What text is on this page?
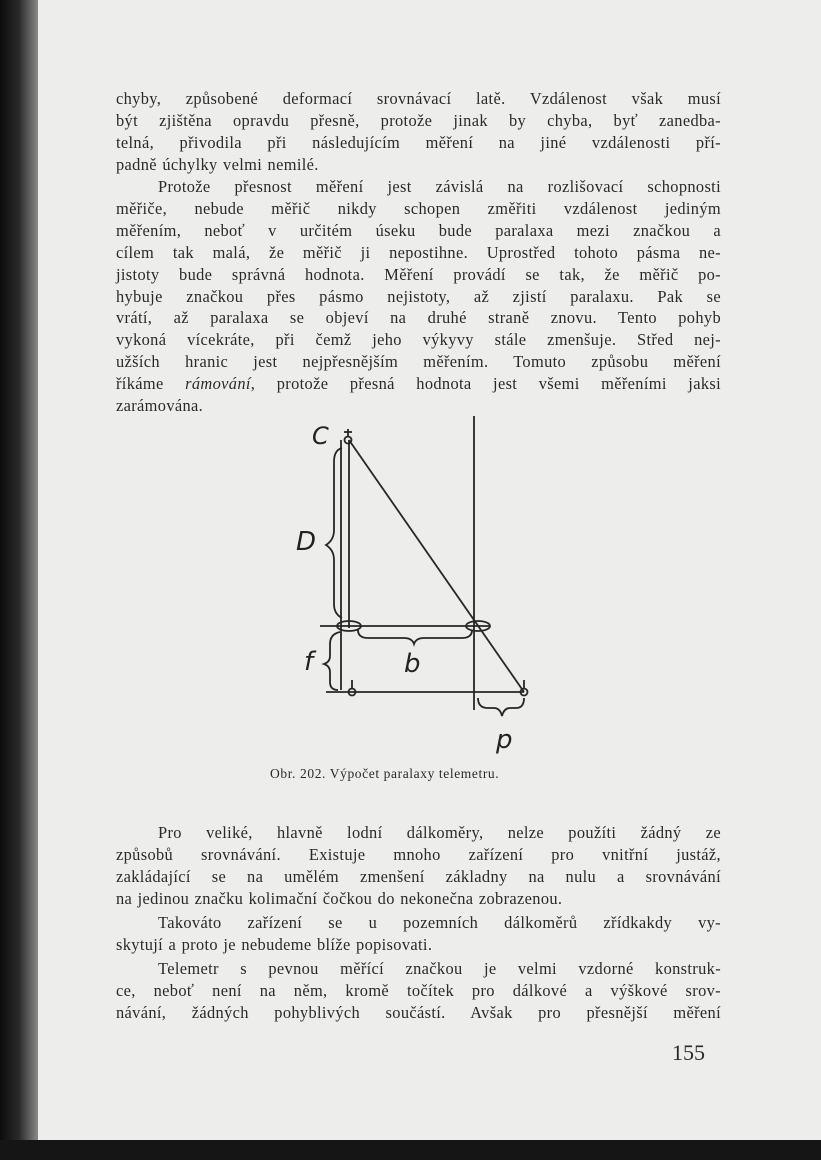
chyby, způsobené deformací srovnávací latě. Vzdálenost však musí
být zjištěna opravdu přesně, protože jinak by chyba, byť zanedba-
telná, přivodila při následujícím měření na jiné vzdálenosti pří-
padně úchylky velmi nemilé.
Protože přesnost měření jest závislá na rozlišovací schopnosti
měřiče, nebude měřič nikdy schopen změřiti vzdálenost jediným
měřením, neboť v určitém úseku bude paralaxa mezi značkou a
cílem tak malá, že měřič ji nepostihne. Uprostřed tohoto pásma ne-
jistoty bude správná hodnota. Měření provádí se tak, že měřič po-
hybuje značkou přes pásmo nejistoty, až zjistí paralaxu. Pak se
vrátí, až paralaxa se objeví na druhé straně znovu. Tento pohyb
vykoná vícekráte, při čemž jeho výkyvy stále zmenšuje. Střed nej-
užších hranic jest nejpřesnějším měřením. Tomuto způsobu měření
říkáme rámování, protože přesná hodnota jest všemi měřeními jaksi
zarámována.
C
D
f	b
p
Obr. 202. Výpočet paralaxy telemetru.
Pro veliké, hlavně lodní dálkoměry, nelze použíti žádný ze
způsobů srovnávání. Existuje mnoho zařízení pro vnitřní justáž,
zakládající se na umělém zmenšení základny na nulu a srovnávání
na jedinou značku kolimační čočkou do nekonečna zobrazenou.
Takovátо zařízení se u pozemních dálkoměrů zřídkakdy vy-
skytují a proto je nebudeme blíže popisovati.
Telemetr s pevnou měřící značkou je velmi vzdorné konstruk-
ce, neboť není na něm, kromě točítek pro dálkové a výškové srov-
návání, žádných pohyblivých součástí. Avšak pro přesnější měření
155
